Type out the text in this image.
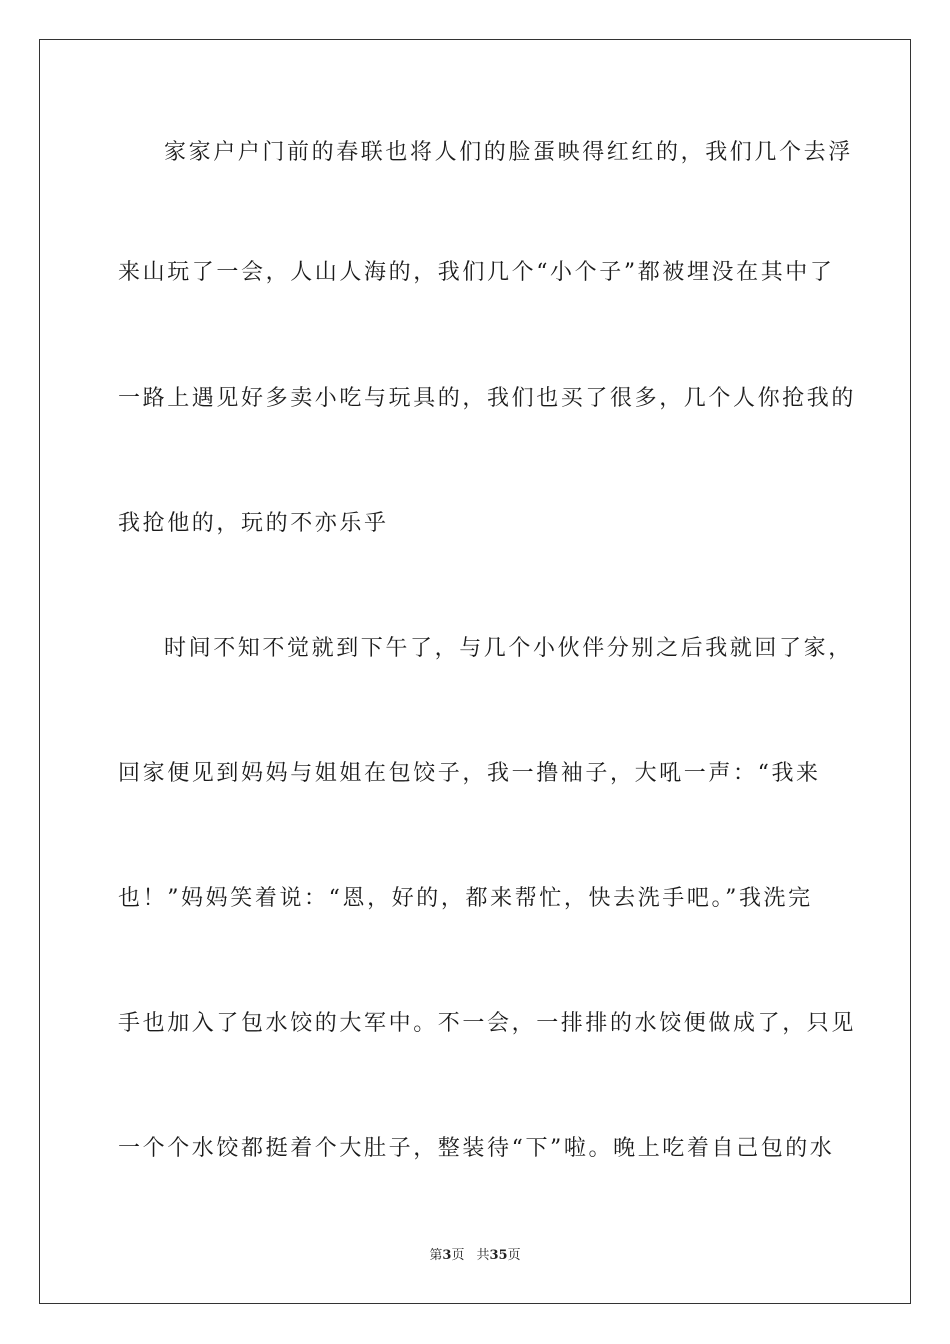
家家户户门前的春联也将人们的脸蛋映得红红的，我们几个去浮
来山玩了一会，人山人海的，我们几个“小个子”都被埋没在其中了
一路上遇见好多卖小吃与玩具的，我们也买了很多，几个人你抢我的
我抢他的，玩的不亦乐乎
时间不知不觉就到下午了，与几个小伙伴分别之后我就回了家，
回家便见到妈妈与姐姐在包饺子，我一撸袖子，大吼一声：“我来
也！”妈妈笑着说：“恩，好的，都来帮忙，快去洗手吧。”我洗完
手也加入了包水饺的大军中。不一会，一排排的水饺便做成了，只见
一个个水饺都挺着个大肚子，整装待“下”啦。晚上吃着自己包的水
第3页 共35页
